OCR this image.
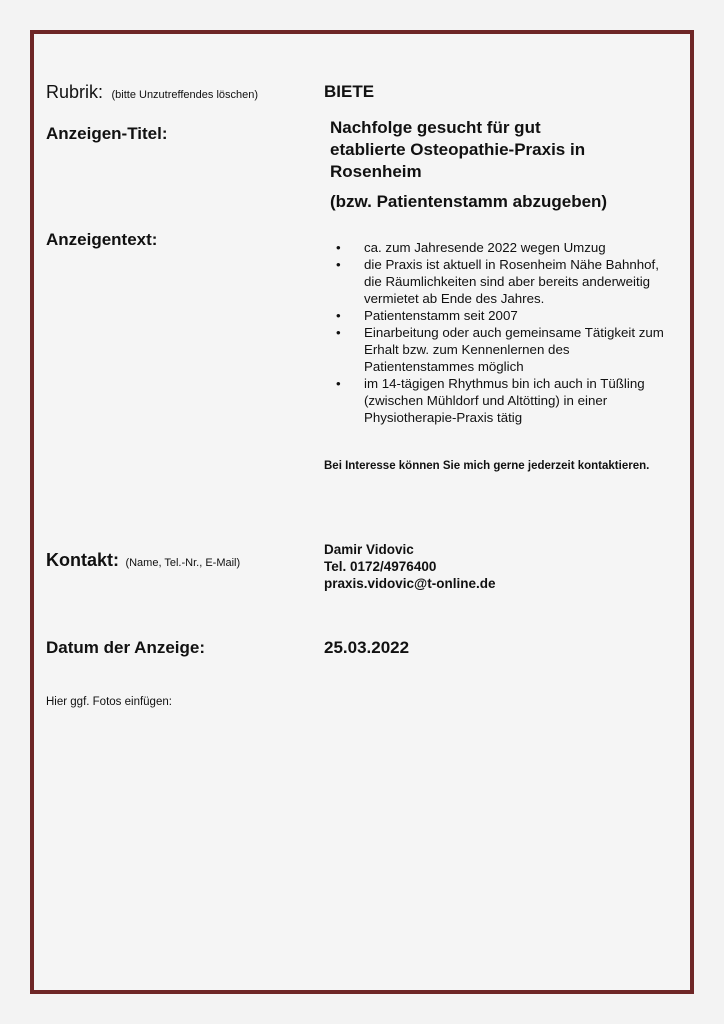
Rubrik: (bitte Unzutreffendes löschen)	BIETE
Anzeigen-Titel:	Nachfolge gesucht für gut
etablierte Osteopathie-Praxis in
Rosenheim
(bzw. Patientenstamm abzugeben)
Anzeigentext:
•	ca. zum Jahresende 2022 wegen Umzug
• die Praxis ist aktuell in Rosenheim Nähe Bahnhof, die Räumlichkeiten sind aber bereits anderweitig vermietet ab Ende des Jahres.
• Patientenstamm seit 2007
• Einarbeitung oder auch gemeinsame Tätigkeit zum Erhalt bzw. zum Kennenlernen des Patientenstammes möglich
• im 14-tägigen Rhythmus bin ich auch in Tüßling (zwischen Mühldorf und Altötting) in einer Physiotherapie-Praxis tätig
Bei Interesse können Sie mich gerne jederzeit kontaktieren.
Kontakt: (Name, Tel.-Nr., E-Mail)
Damir Vidovic
Tel. 0172/4976400
praxis.vidovic@t-online.de
Datum der Anzeige:	25.03.2022
Hier ggf. Fotos einfügen:
